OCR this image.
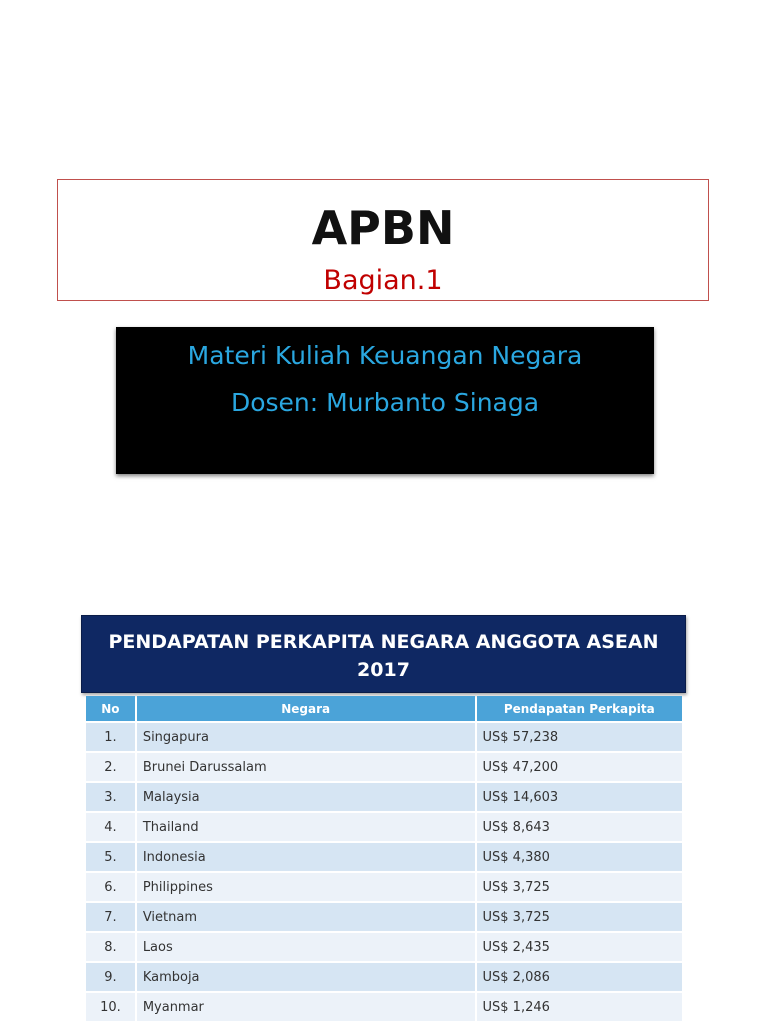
APBN
Bagian.1
Materi Kuliah Keuangan Negara
Dosen: Murbanto Sinaga
PENDAPATAN PERKAPITA NEGARA ANGGOTA ASEAN
2017
No	Negara	Pendapatan Perkapita
1.	Singapura	US$ 57,238
2.	Brunei Darussalam	US$ 47,200
3.	Malaysia	US$ 14,603
4.	Thailand	US$ 8,643
5.	Indonesia	US$ 4,380
6.	Philippines	US$ 3,725
7.	Vietnam	US$ 3,725
8.	Laos	US$ 2,435
9.	Kamboja	US$ 2,086
10.	Myanmar	US$ 1,246
